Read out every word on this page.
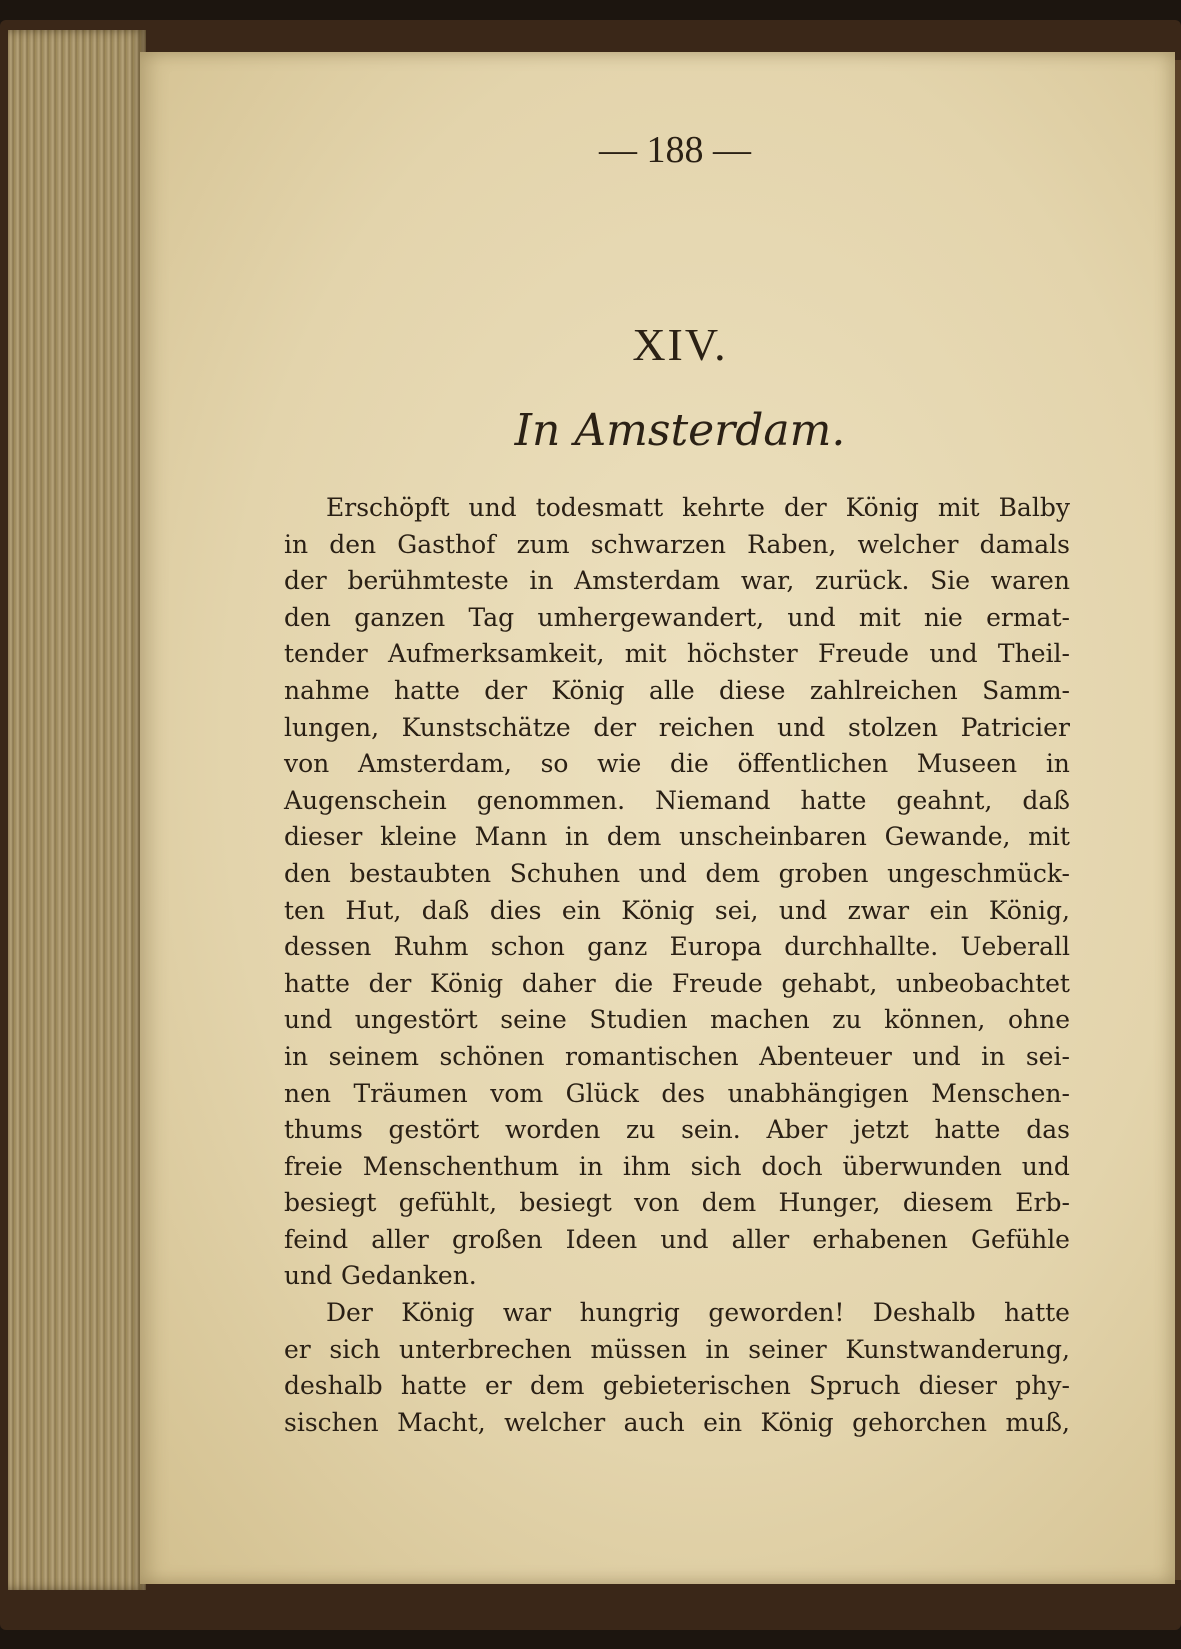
— 188 —
XIV.
In Amsterdam.
Erschöpft und todesmatt kehrte der König mit Balby
in den Gasthof zum schwarzen Raben, welcher damals
der berühmteste in Amsterdam war, zurück. Sie waren
den ganzen Tag umhergewandert, und mit nie ermat-
tender Aufmerksamkeit, mit höchster Freude und Theil-
nahme hatte der König alle diese zahlreichen Samm-
lungen, Kunstschätze der reichen und stolzen Patricier
von Amsterdam, so wie die öffentlichen Museen in
Augenschein genommen. Niemand hatte geahnt, daß
dieser kleine Mann in dem unscheinbaren Gewande, mit
den bestaubten Schuhen und dem groben ungeschmück-
ten Hut, daß dies ein König sei, und zwar ein König,
dessen Ruhm schon ganz Europa durchhallte. Ueberall
hatte der König daher die Freude gehabt, unbeobachtet
und ungestört seine Studien machen zu können, ohne
in seinem schönen romantischen Abenteuer und in sei-
nen Träumen vom Glück des unabhängigen Menschen-
thums gestört worden zu sein. Aber jetzt hatte das
freie Menschenthum in ihm sich doch überwunden und
besiegt gefühlt, besiegt von dem Hunger, diesem Erb-
feind aller großen Ideen und aller erhabenen Gefühle
und Gedanken.
Der König war hungrig geworden! Deshalb hatte
er sich unterbrechen müssen in seiner Kunstwanderung,
deshalb hatte er dem gebieterischen Spruch dieser phy-
sischen Macht, welcher auch ein König gehorchen muß,
